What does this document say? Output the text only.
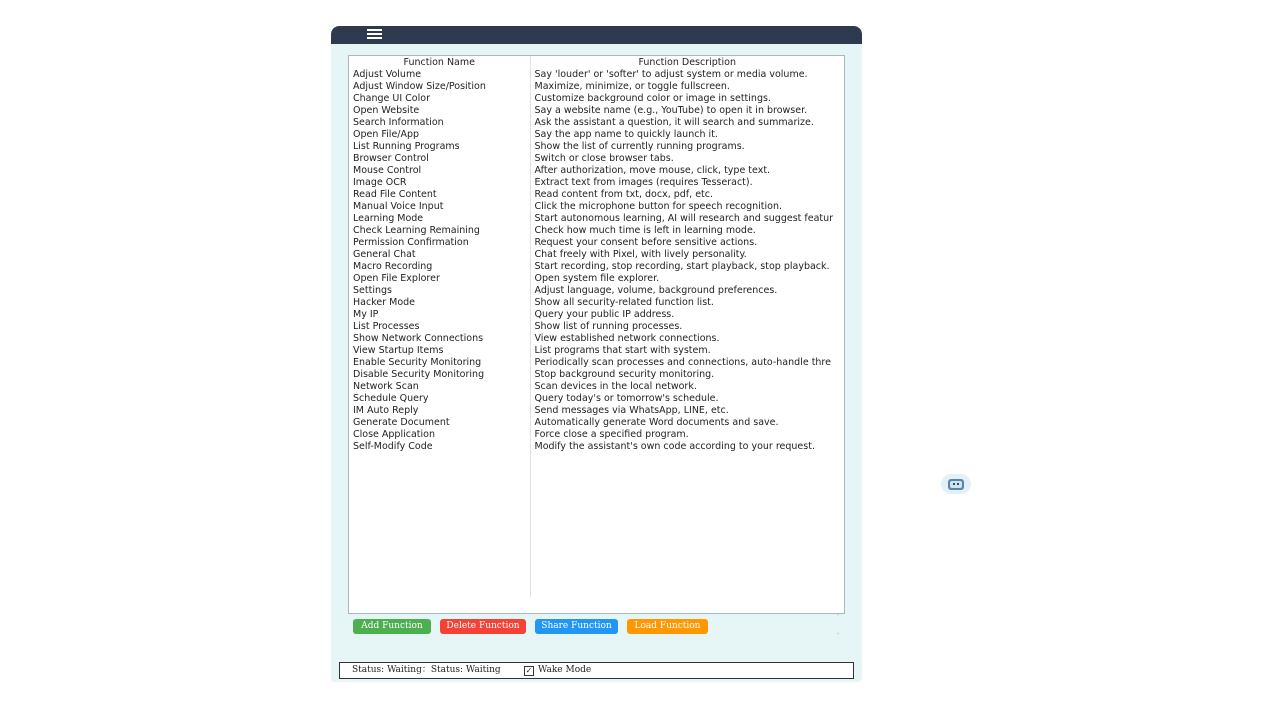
Function Name	Function Description
Adjust Volume	Say 'louder' or 'softer' to adjust system or media volume.
Adjust Window Size/Position	Maximize, minimize, or toggle fullscreen.
Change UI Color	Customize background color or image in settings.
Open Website	Say a website name (e.g., YouTube) to open it in browser.
Search Information	Ask the assistant a question, it will search and summarize.
Open File/App	Say the app name to quickly launch it.
List Running Programs	Show the list of currently running programs.
Browser Control	Switch or close browser tabs.
Mouse Control	After authorization, move mouse, click, type text.
Image OCR	Extract text from images (requires Tesseract).
Read File Content	Read content from txt, docx, pdf, etc.
Manual Voice Input	Click the microphone button for speech recognition.
Learning Mode	Start autonomous learning, AI will research and suggest featur
Check Learning Remaining	Check how much time is left in learning mode.
Permission Confirmation	Request your consent before sensitive actions.
General Chat	Chat freely with Pixel, with lively personality.
Macro Recording	Start recording, stop recording, start playback, stop playback.
Open File Explorer	Open system file explorer.
Settings	Adjust language, volume, background preferences.
Hacker Mode	Show all security-related function list.
My IP	Query your public IP address.
List Processes	Show list of running processes.
Show Network Connections	View established network connections.
View Startup Items	List programs that start with system.
Enable Security Monitoring	Periodically scan processes and connections, auto-handle thre
Disable Security Monitoring	Stop background security monitoring.
Network Scan	Scan devices in the local network.
Schedule Query	Query today's or tomorrow's schedule.
IM Auto Reply	Send messages via WhatsApp, LINE, etc.
Generate Document	Automatically generate Word documents and save.
Close Application	Force close a specified program.
Self-Modify Code	Modify the assistant's own code according to your request.

Add Function	Delete Function	Share Function	Load Function
˄
˅
Status: Waiting：Status: Waiting	✓ Wake Mode
